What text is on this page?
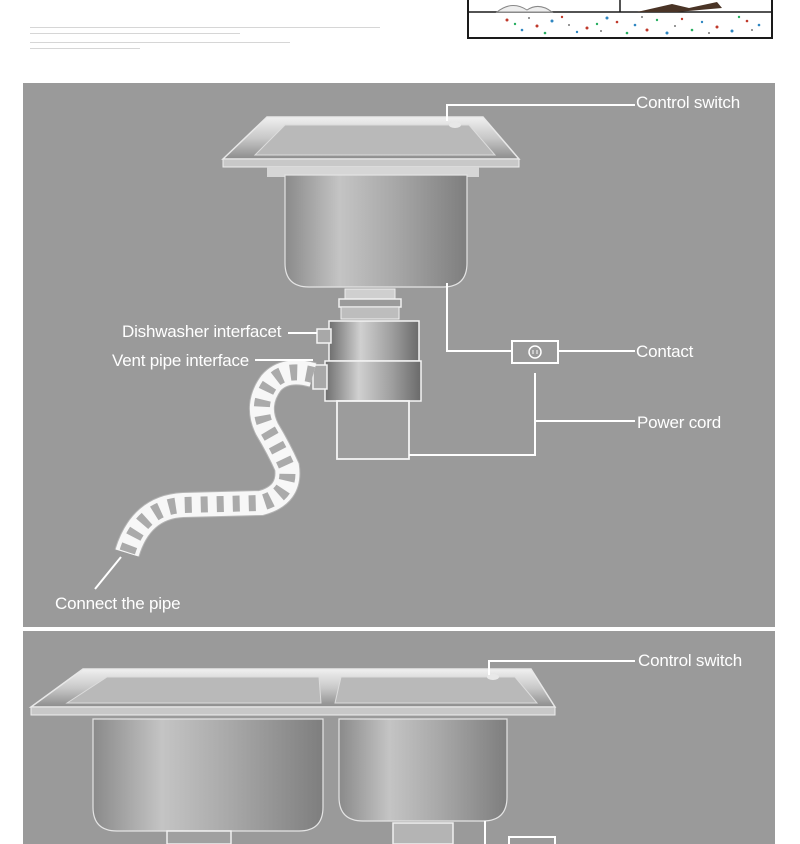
Control switch
Dishwasher interfacet
Vent pipe interface	Contact
Power cord
Connect the pipe
Control switch
